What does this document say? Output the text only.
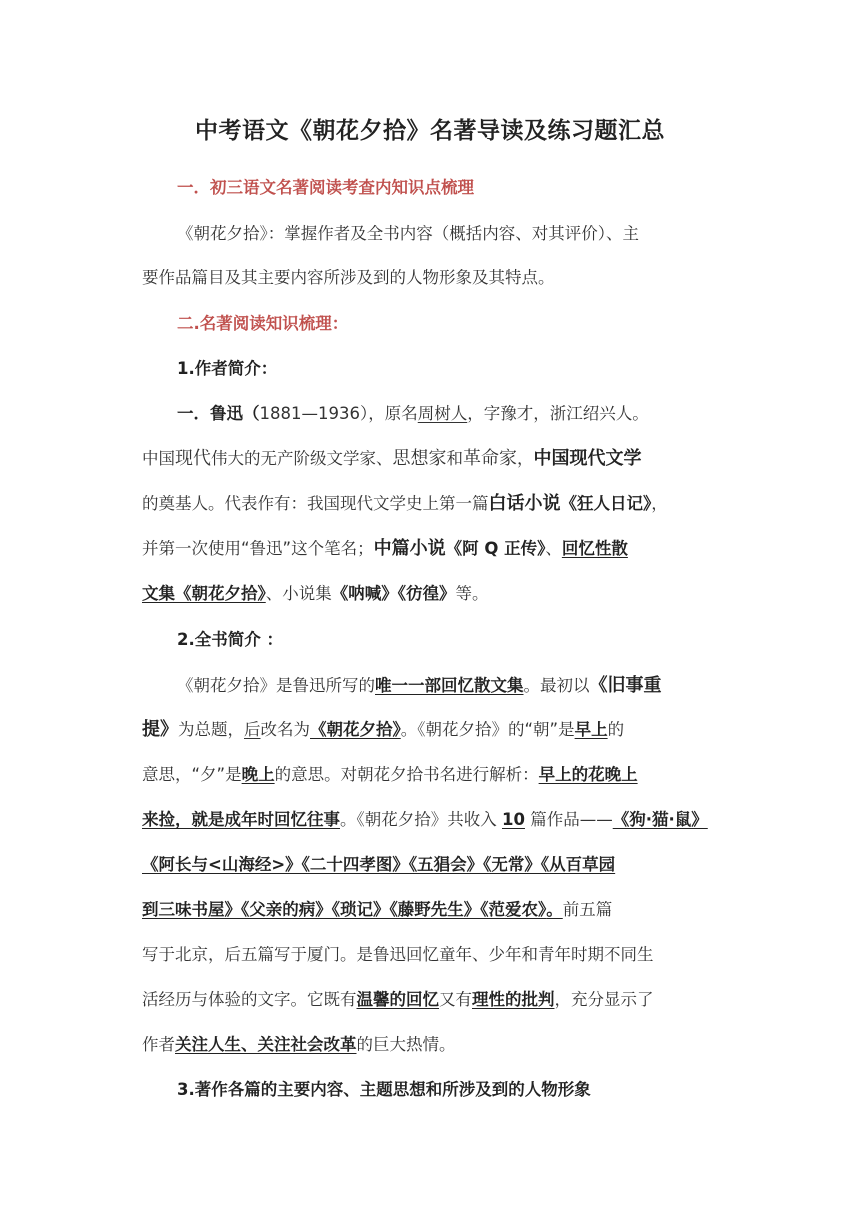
中考语文《朝花夕拾》名著导读及练习题汇总
一．初三语文名著阅读考查内知识点梳理
《朝花夕拾》：掌握作者及全书内容（概括内容、对其评价）、主
要作品篇目及其主要内容所涉及到的人物形象及其特点。
二.名著阅读知识梳理：
1.作者简介：
一．鲁迅（1881—1936），原名周树人，字豫才，浙江绍兴人。
中国现代伟大的无产阶级文学家、思想家和革命家，中国现代文学
的奠基人。代表作有：我国现代文学史上第一篇白话小说《狂人日记》，
并第一次使用“鲁迅”这个笔名；中篇小说《阿 Q 正传》、回忆性散
文集《朝花夕拾》、小说集《呐喊》《彷徨》等。
2.全书简介 ：
《朝花夕拾》是鲁迅所写的唯一一部回忆散文集。最初以《旧事重
提》为总题，后改名为《朝花夕拾》。《朝花夕拾》的“朝”是早上的
意思，“夕”是晚上的意思。对朝花夕拾书名进行解析：早上的花晚上
来捡，就是成年时回忆往事。《朝花夕拾》共收入 10 篇作品——《狗·猫·鼠》
《阿长与<山海经>》《二十四孝图》《五猖会》《无常》《从百草园
到三味书屋》《父亲的病》《琐记》《藤野先生》《范爱农》。前五篇
写于北京，后五篇写于厦门。是鲁迅回忆童年、少年和青年时期不同生
活经历与体验的文字。它既有温馨的回忆又有理性的批判，充分显示了
作者关注人生、关注社会改革的巨大热情。
3.著作各篇的主要内容、主题思想和所涉及到的人物形象
